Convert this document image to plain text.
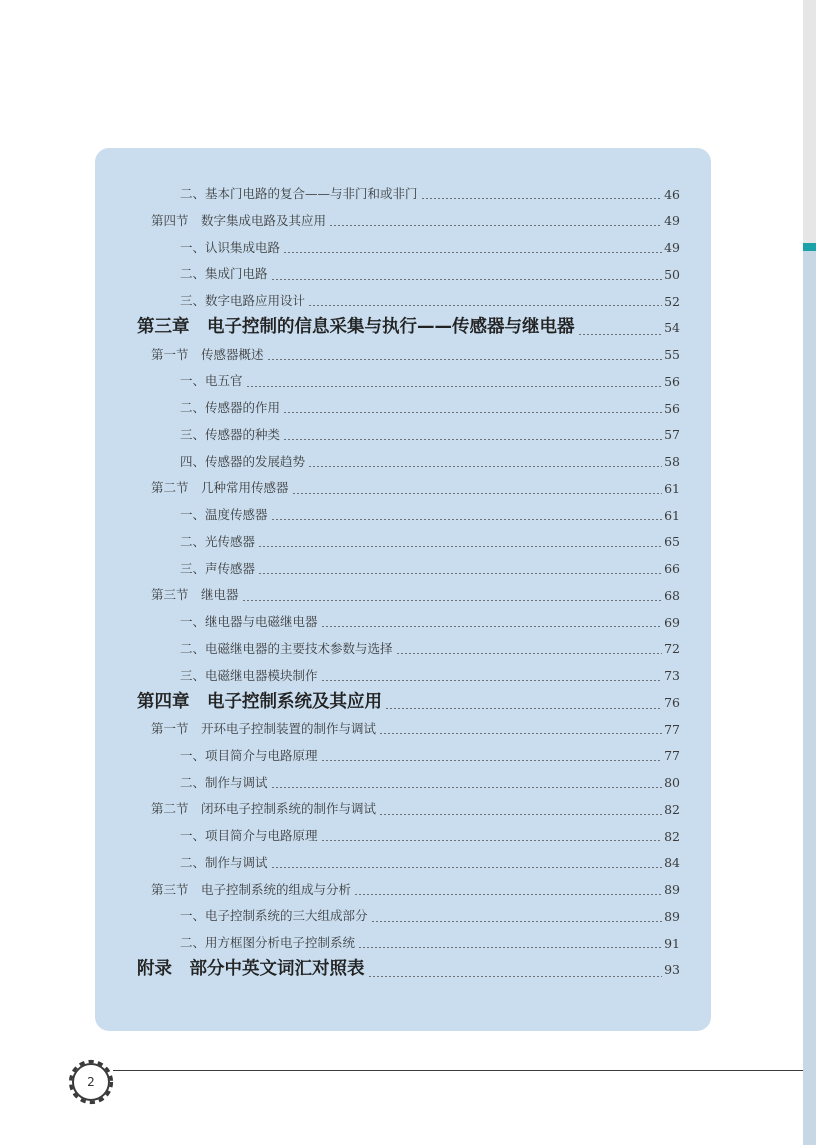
二、基本门电路的复合——与非门和或非门	46
第四节　数字集成电路及其应用	49
一、认识集成电路	49
二、集成门电路	50
三、数字电路应用设计	52
第三章　电子控制的信息采集与执行——传感器与继电器	54
第一节　传感器概述	55
一、电五官	56
二、传感器的作用	56
三、传感器的种类	57
四、传感器的发展趋势	58
第二节　几种常用传感器	61
一、温度传感器	61
二、光传感器	65
三、声传感器	66
第三节　继电器	68
一、继电器与电磁继电器	69
二、电磁继电器的主要技术参数与选择	72
三、电磁继电器模块制作	73
第四章　电子控制系统及其应用	76
第一节　开环电子控制装置的制作与调试	77
一、项目简介与电路原理	77
二、制作与调试	80
第二节　闭环电子控制系统的制作与调试	82
一、项目简介与电路原理	82
二、制作与调试	84
第三节　电子控制系统的组成与分析	89
一、电子控制系统的三大组成部分	89
二、用方框图分析电子控制系统	91
附录　部分中英文词汇对照表	93
2
